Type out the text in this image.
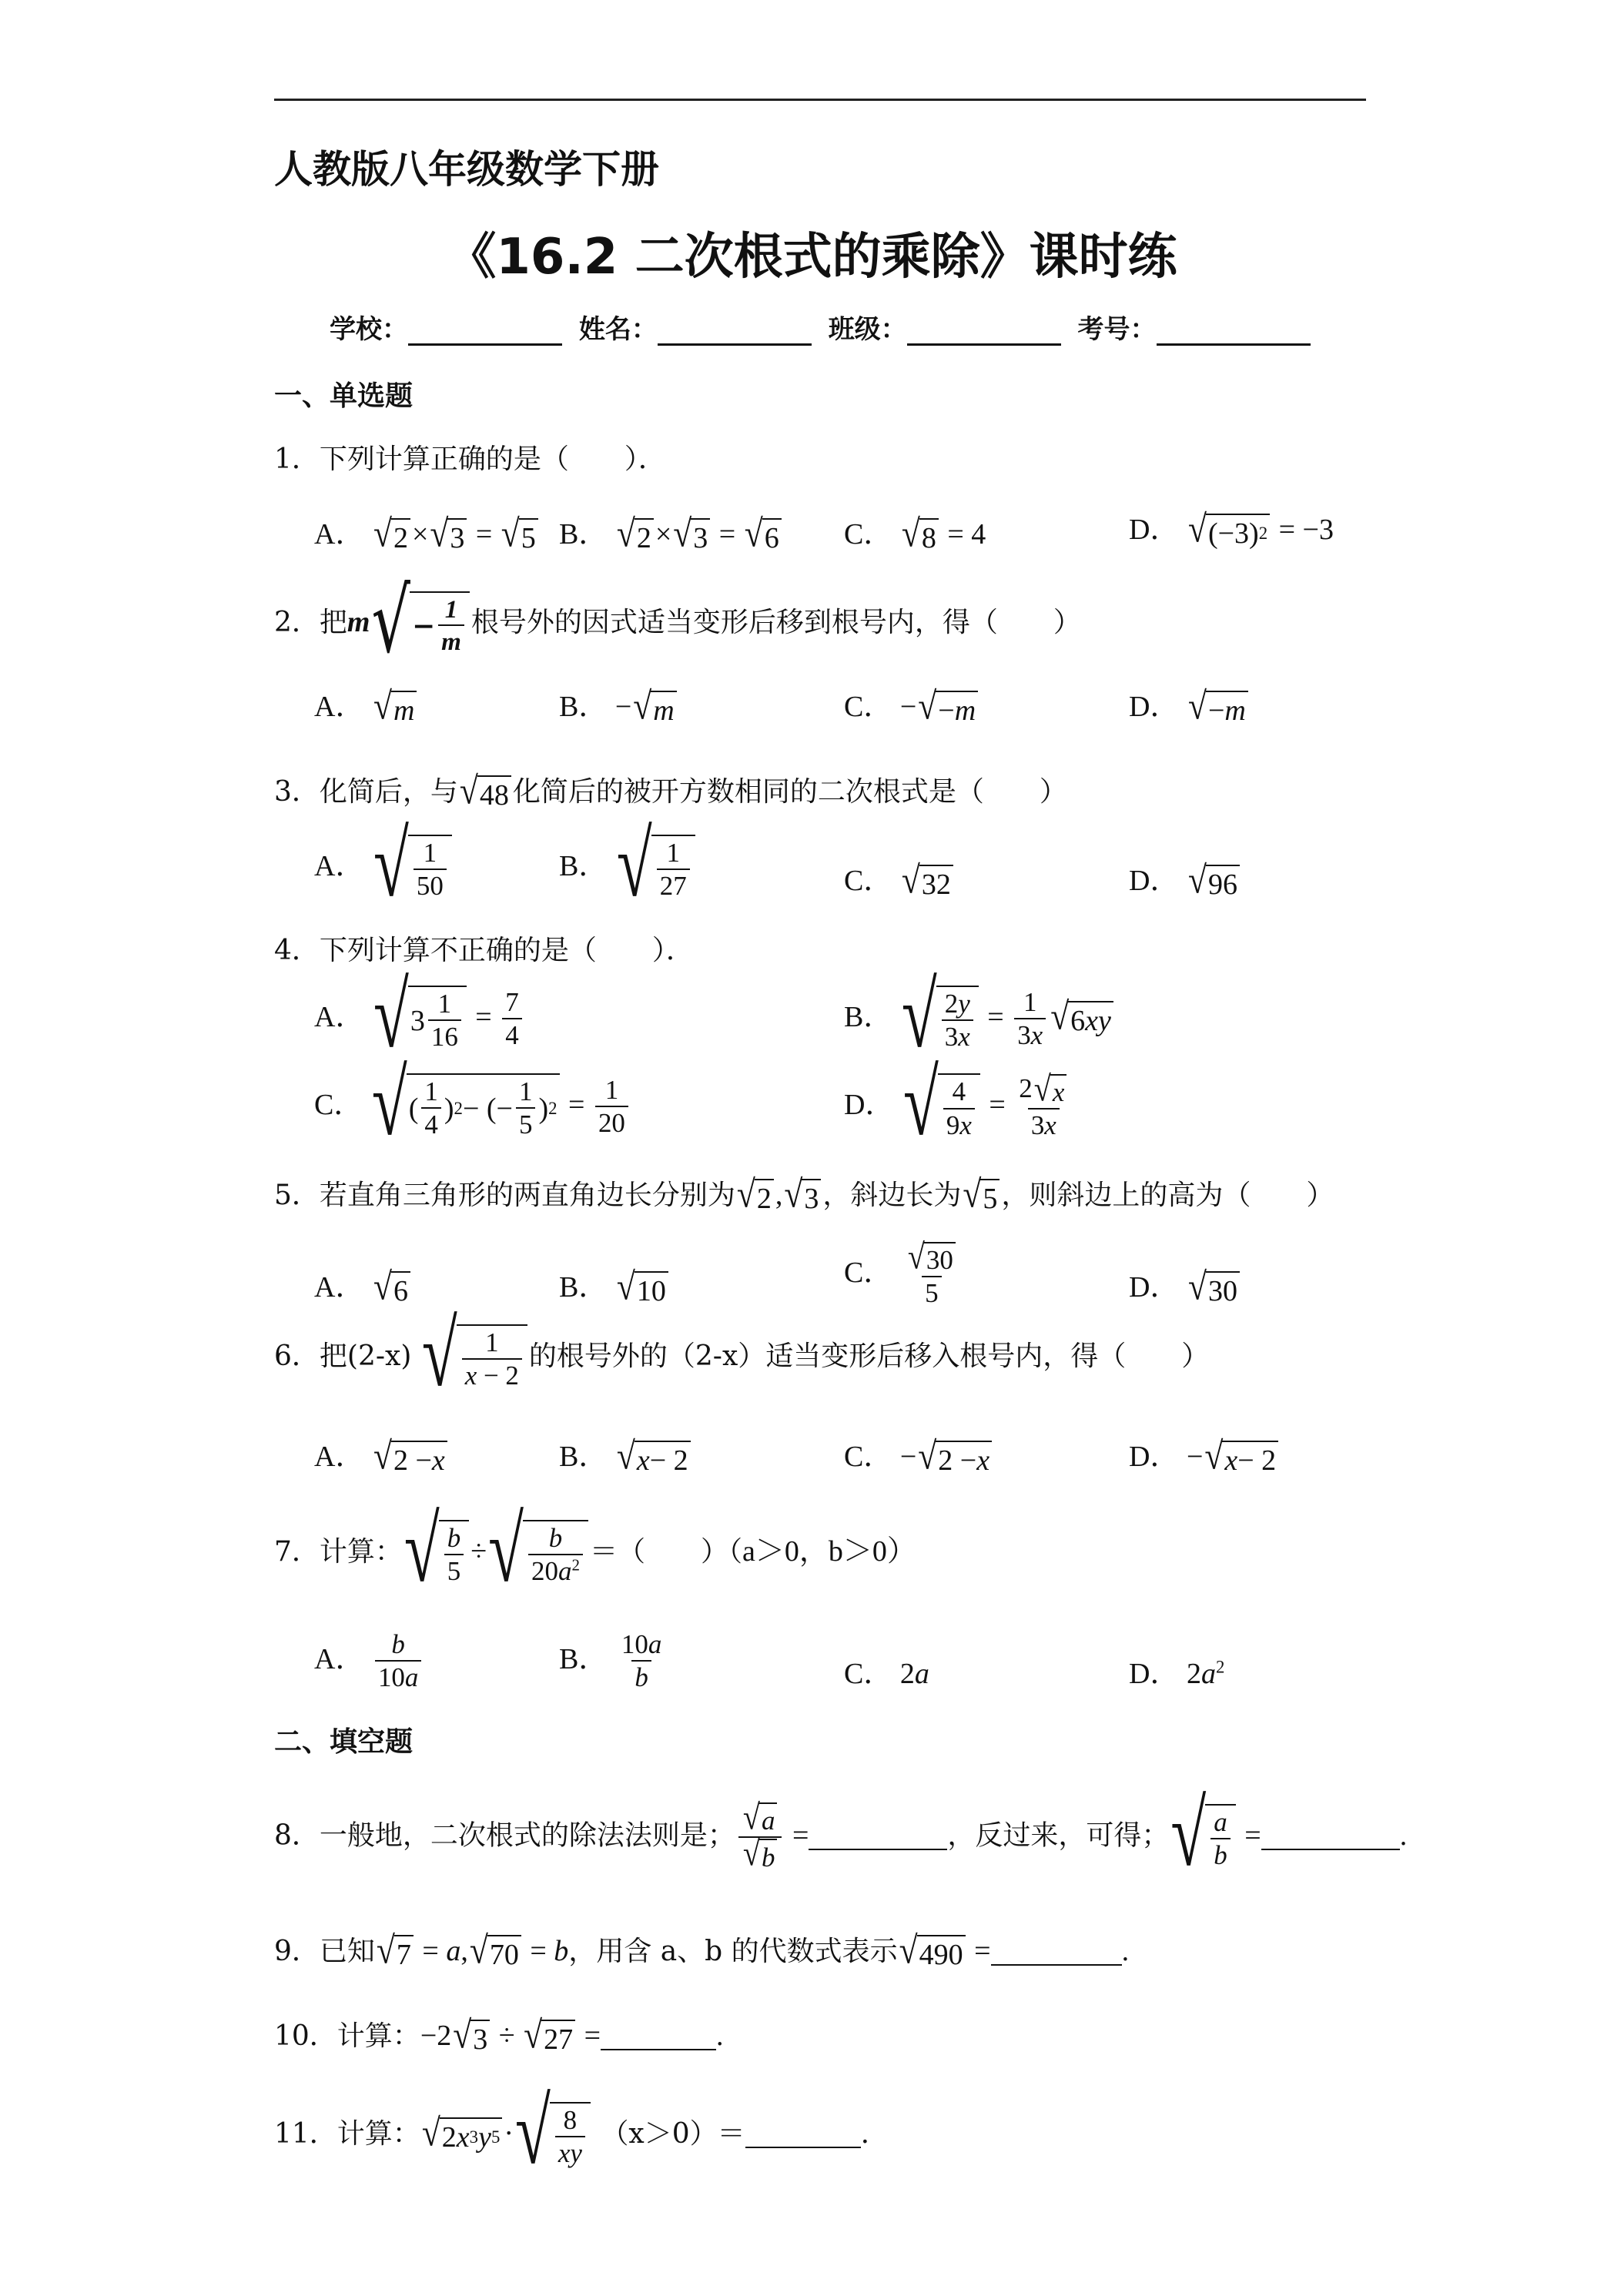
人教版八年级数学下册
《16.2 二次根式的乘除》课时练
学校：	姓名：	班级：	考号：
一、单选题
1．下列计算正确的是（　　）．
A． √ 2 × √ 3 = √ 5 B． √ 2 × √ 3 = √ 6 C． √ 8 = 4	D． √ (−3) 2 = −3
2．把m √ − $\frac{1}{m}$ 根号外的因式适当变形后移到根号内，得（　　）
A． √ m	B． − √ m	C． − √ − m	D． √ − m
3．化简后，与 √ 48 化简后的被开方数相同的二次根式是（　　）
A． √ 1
50
B． √ 1
27	C． √ 32	D． √ 96
4．下列计算不正确的是（　　）．
A． √ 3
1
16
= $\frac{7}{4}$	B． √ 2y
3x
= $\frac{1}{3x}$ √ 6 xy
C． √ (
1
4 ) 2 − (−
1
5 ) $2 = \frac{1}{20}$	D． √ 4
9x
= $\frac{2 √ x}{3x}$
5．若直角三角形的两直角边长分别为 √ 2 , √ 3 ，斜边长为 √ 5 ，则斜边上的高为（　　）
A． √ 6	B． √ 10
C． $\frac{√ 30}{5}$	D． √ 30
6．把(2-x) √ 1
x − 2
的根号外的（2-x）适当变形后移入根号内，得（　　）
A． √ 2 − x	B． √ x − 2	C． − √ 2 − x	D． − √ x − 2
7．计算： √ b
5
÷ √ b
$20a^2$ ＝（　　）（a＞0，b＞0）
A． $\frac{b}{10a}$	B． $\frac{10a}{b}$	C． 2a	D． $2a^2$
二、填空题
8．一般地，二次根式的除法法则是； $\frac{√ a}{√ b}$ =	，反过来，可得； √ a
b
=	.
9．已知 √ 7 = a, √ 70 = b，用含 a、b 的代数式表示 √ 490 =	.
10．计算：−2 √ 3 ÷ √ 27 =	.
11．计算： √ 2 x 3 y 5 · √ 8
xy
（x＞0）＝	.
